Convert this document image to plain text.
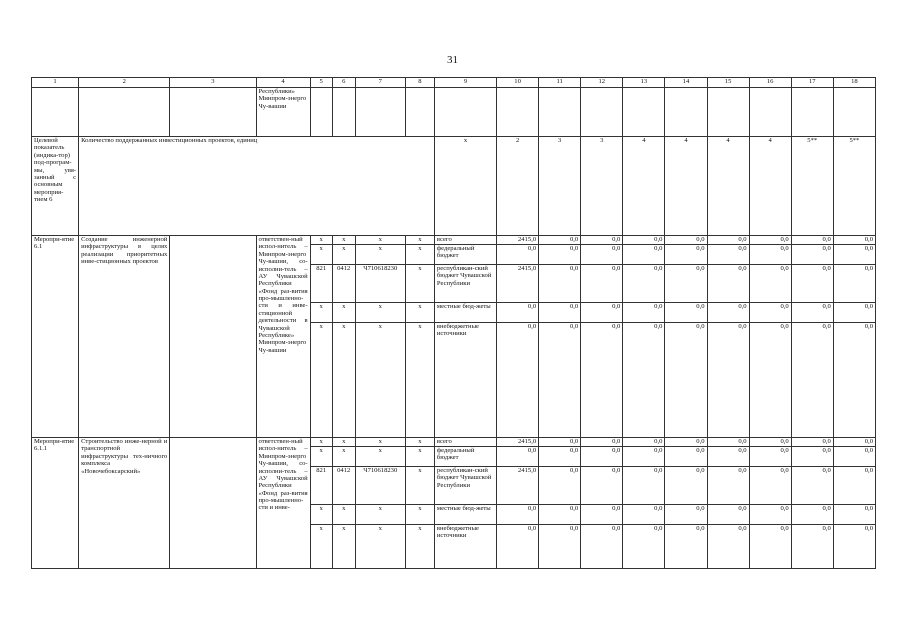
31
1	2	3	4	5	6	7	8	9	10	11	12	13	14	15	16	17	18
			Республики» Минпром-энерго Чу-вашии														
Целевой показатель (индика-тор) под-програм-мы, увя-занный с основным мероприя-тием 6	Количество поддержанных инвестиционных проектов, единиц							х	2	3	3	4	4	4	4	5**	5**
Меропри-ятие 6.1	Создание инженерной инфраструктуры в целях реализации приоритетных инве-стиционных проектов		ответствен-ный испол-нитель – Минпром-энерго Чу-вашии, со-исполни-тель – АУ Чувашской Республики «Фонд раз-вития про-мышленно-сти и инве-стиционной деятельности в Чувашской Республике» Минпром-энерго Чу-вашии	х	х	х	х	всего	2415,0	0,0	0,0	0,0	0,0	0,0	0,0	0,0	0,0
				х	х	х	х	федеральный бюджет	0,0	0,0	0,0	0,0	0,0	0,0	0,0	0,0	0,0
				821	0412	Ч710618230	х	республикан-ский бюджет Чувашской Республики	2415,0	0,0	0,0	0,0	0,0	0,0	0,0	0,0	0,0
				х	х	х	х	местные бюд-жеты	0,0	0,0	0,0	0,0	0,0	0,0	0,0	0,0	0,0
				х	х	х	х	внебюджетные источники	0,0	0,0	0,0	0,0	0,0	0,0	0,0	0,0	0,0
Меропри-ятие 6.1.1	Строительство инже-нерной и транспортной инфраструктуры тех-ничного комплекса «Новочебоксарский»		ответствен-ный испол-нитель – Минпром-энерго Чу-вашии, со-исполни-тель – АУ Чувашской Республики «Фонд раз-вития про-мышленно-сти и инве-	х	х	х	х	всего	2415,0	0,0	0,0	0,0	0,0	0,0	0,0	0,0	0,0
				х	х	х	х	федеральный бюджет	0,0	0,0	0,0	0,0	0,0	0,0	0,0	0,0	0,0
				821	0412	Ч710618230	х	республикан-ский бюджет Чувашской Республики	2415,0	0,0	0,0	0,0	0,0	0,0	0,0	0,0	0,0
				х	х	х	х	местные бюд-жеты	0,0	0,0	0,0	0,0	0,0	0,0	0,0	0,0	0,0
				х	х	х	х	внебюджетные источники	0,0	0,0	0,0	0,0	0,0	0,0	0,0	0,0	0,0
